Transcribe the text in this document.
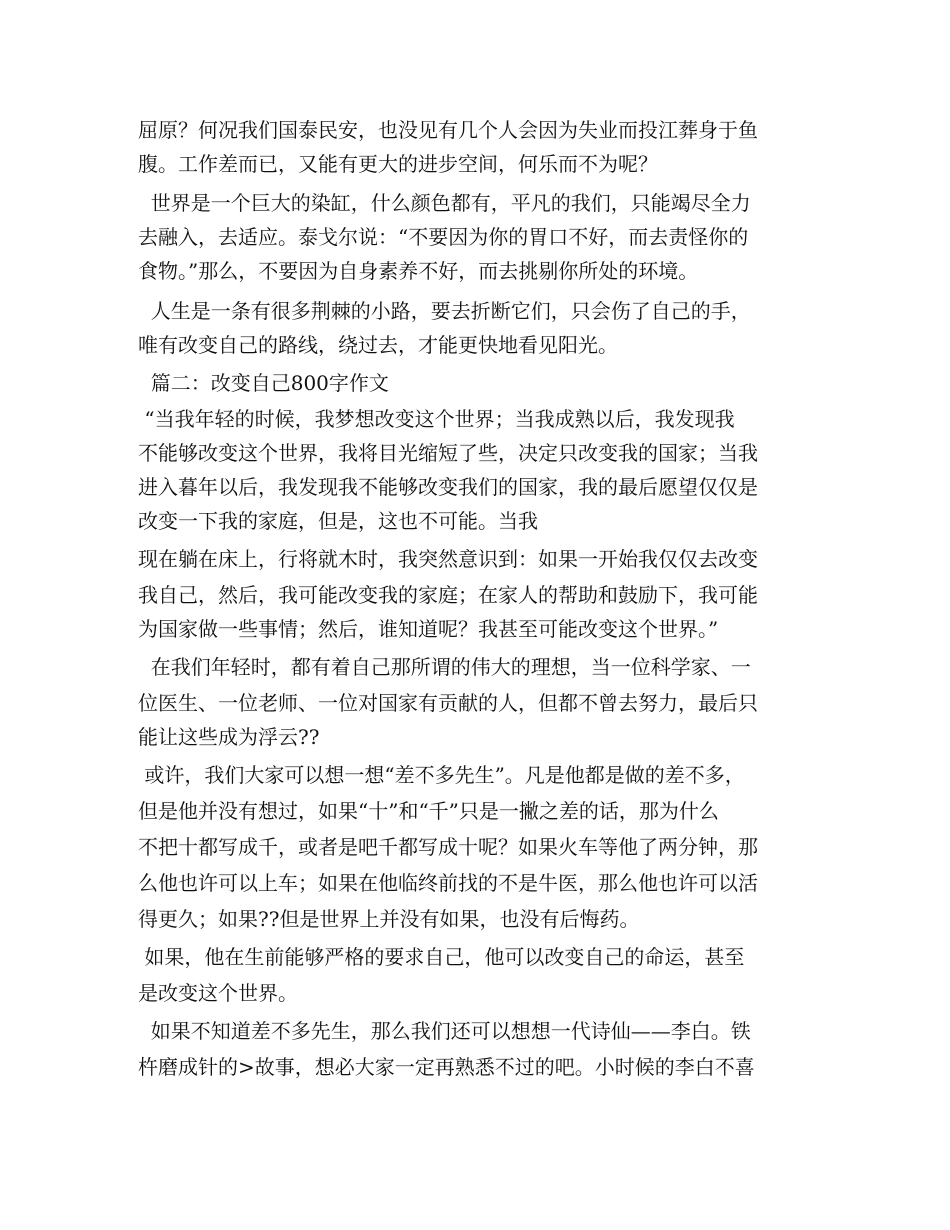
屈原？何况我们国泰民安，也没见有几个人会因为失业而投江葬身于鱼
腹。工作差而已，又能有更大的进步空间，何乐而不为呢？
世界是一个巨大的染缸，什么颜色都有，平凡的我们，只能竭尽全力
去融入，去适应。泰戈尔说：“不要因为你的胃口不好，而去责怪你的
食物。”那么，不要因为自身素养不好，而去挑剔你所处的环境。
人生是一条有很多荆棘的小路，要去折断它们，只会伤了自己的手，
唯有改变自己的路线，绕过去，才能更快地看见阳光。
篇二：改变自己800字作文
“当我年轻的时候，我梦想改变这个世界；当我成熟以后，我发现我
不能够改变这个世界，我将目光缩短了些，决定只改变我的国家；当我
进入暮年以后，我发现我不能够改变我们的国家，我的最后愿望仅仅是
改变一下我的家庭，但是，这也不可能。当我
现在躺在床上，行将就木时，我突然意识到：如果一开始我仅仅去改变
我自己，然后，我可能改变我的家庭；在家人的帮助和鼓励下，我可能
为国家做一些事情；然后，谁知道呢？我甚至可能改变这个世界。”
在我们年轻时，都有着自己那所谓的伟大的理想，当一位科学家、一
位医生、一位老师、一位对国家有贡献的人，但都不曾去努力，最后只
能让这些成为浮云??
或许，我们大家可以想一想“差不多先生”。凡是他都是做的差不多，
但是他并没有想过，如果“十”和“千”只是一撇之差的话，那为什么
不把十都写成千，或者是吧千都写成十呢？如果火车等他了两分钟，那
么他也许可以上车；如果在他临终前找的不是牛医，那么他也许可以活
得更久；如果??但是世界上并没有如果，也没有后悔药。
如果，他在生前能够严格的要求自己，他可以改变自己的命运，甚至
是改变这个世界。
如果不知道差不多先生，那么我们还可以想想一代诗仙——李白。铁
杵磨成针的>故事，想必大家一定再熟悉不过的吧。小时候的李白不喜
